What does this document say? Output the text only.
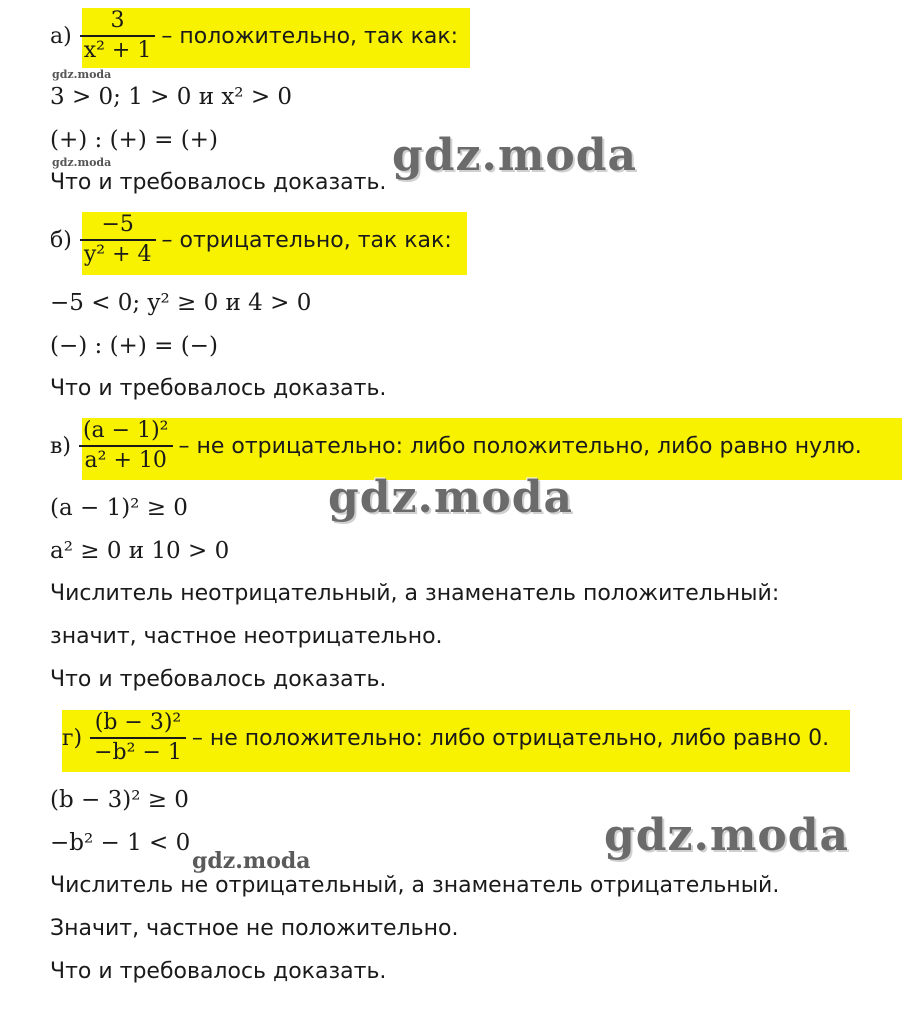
$а) \frac{3}{\text{x² + 1}}$ – положительно, так как:
3 > 0; 1 > 0 и x² > 0
(+) : (+) = (+)
Что и требовалось доказать.
$б) \frac{-5}{\text{y² + 4}}$ – отрицательно, так как:
−5 < 0; y² ≥ 0 и 4 > 0
(−) : (+) = (−)
Что и требовалось доказать.
$в) \frac{\text{(a − 1)²}}{\text{a² + 10}}$ – не отрицательно: либо положительно, либо равно нулю.
(a − 1)² ≥ 0
a² ≥ 0 и 10 > 0
Числитель неотрицательный, а знаменатель положительный:
значит, частное неотрицательно.
Что и требовалось доказать.
$г) \frac{\text{(b − 3)²}}{\text{−b² − 1}}$ – не положительно: либо отрицательно, либо равно 0.
(b − 3)² ≥ 0
−b² − 1 < 0
Числитель не отрицательный, а знаменатель отрицательный.
Значит, частное не положительно.
Что и требовалось доказать.
gdz.moda
gdz.moda	gdz.moda
gdz.moda
gdz.moda
gdz.moda
